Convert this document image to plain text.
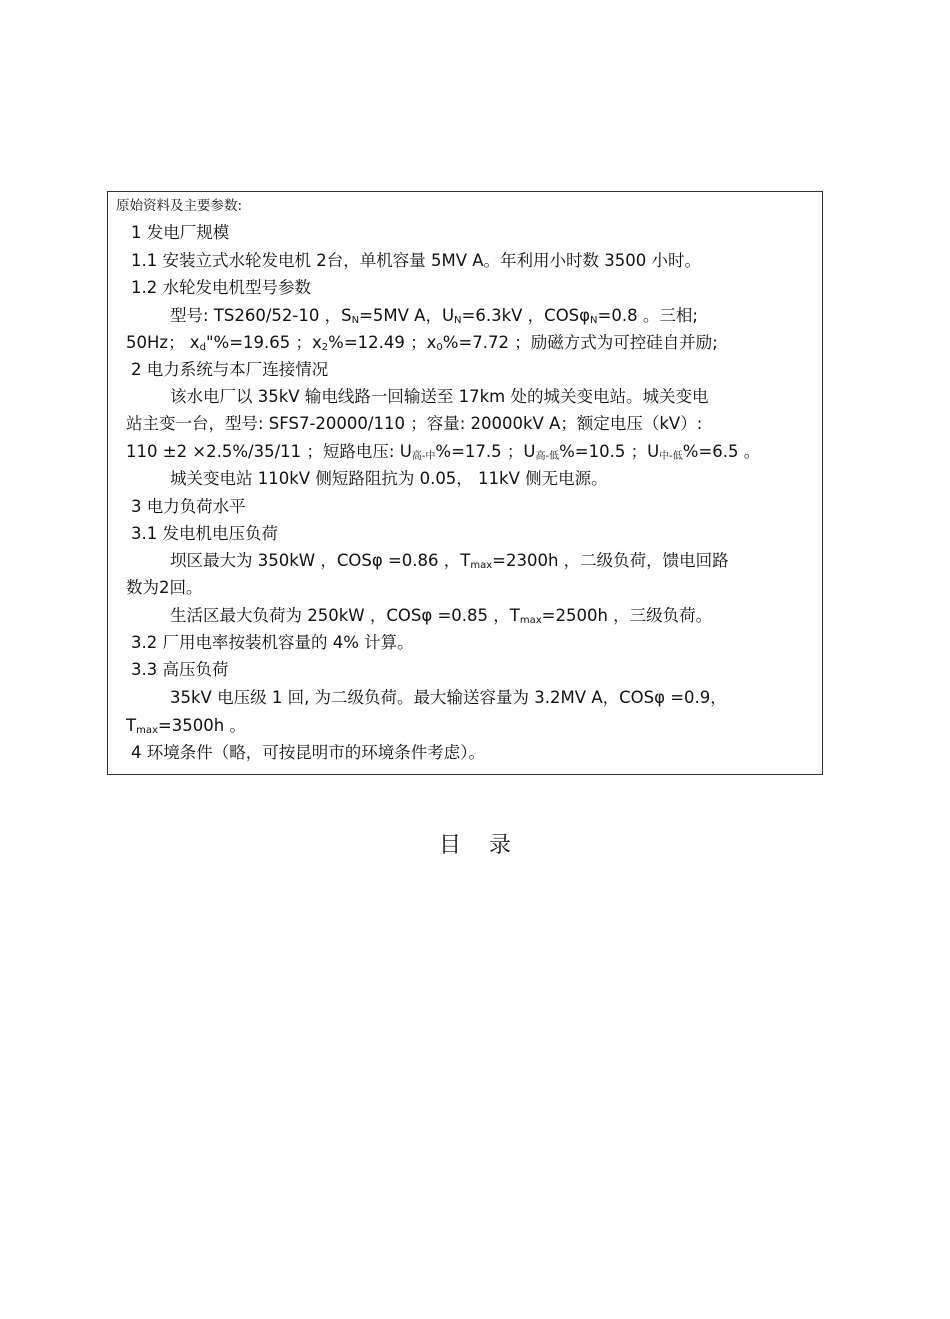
原始资料及主要参数:
1 发电厂规模
1.1 安装立式水轮发电机 2台，单机容量 5MV A。年利用小时数 3500 小时。
1.2 水轮发电机型号参数
型号: TS260/52-10 ，$S_N=5MV$ A，$U_N=6.3kV$ ，COSφ$_N$=0.8 。三相;
50Hz； $x_d"\%=19.65$ ；$x_2\%=12.49$ ；$x_0\%=7.72$ ；励磁方式为可控硅自并励;
2 电力系统与本厂连接情况
该水电厂以 35kV 输电线路一回输送至 17km 处的城关变电站。城关变电
站主变一台，型号: SFS7-20000/110 ；容量: 20000kV A；额定电压（kV）:
110 ±2 ×2.5%/35/11 ；短路电压: $U_{高-中}\%=17.5$ ；$U_{高-低}\%=10.5$ ；$U_{中-低}\%=6.5$ 。
城关变电站 110kV 侧短路阻抗为 0.05， 11kV 侧无电源。
3 电力负荷水平
3.1 发电机电压负荷
坝区最大为 350kW ，COSφ =0.86 ，$T_{max}=2300h$ ，二级负荷，馈电回路
数为2回。
生活区最大负荷为 250kW ，COSφ =0.85 ，$T_{max}=2500h$ ，三级负荷。
3.2 厂用电率按装机容量的 4% 计算。
3.3 高压负荷
35kV 电压级 1 回, 为二级负荷。最大输送容量为 3.2MV A，COSφ =0.9，
$T_{max}=3500h$ 。
4 环境条件（略，可按昆明市的环境条件考虑）。
目录
